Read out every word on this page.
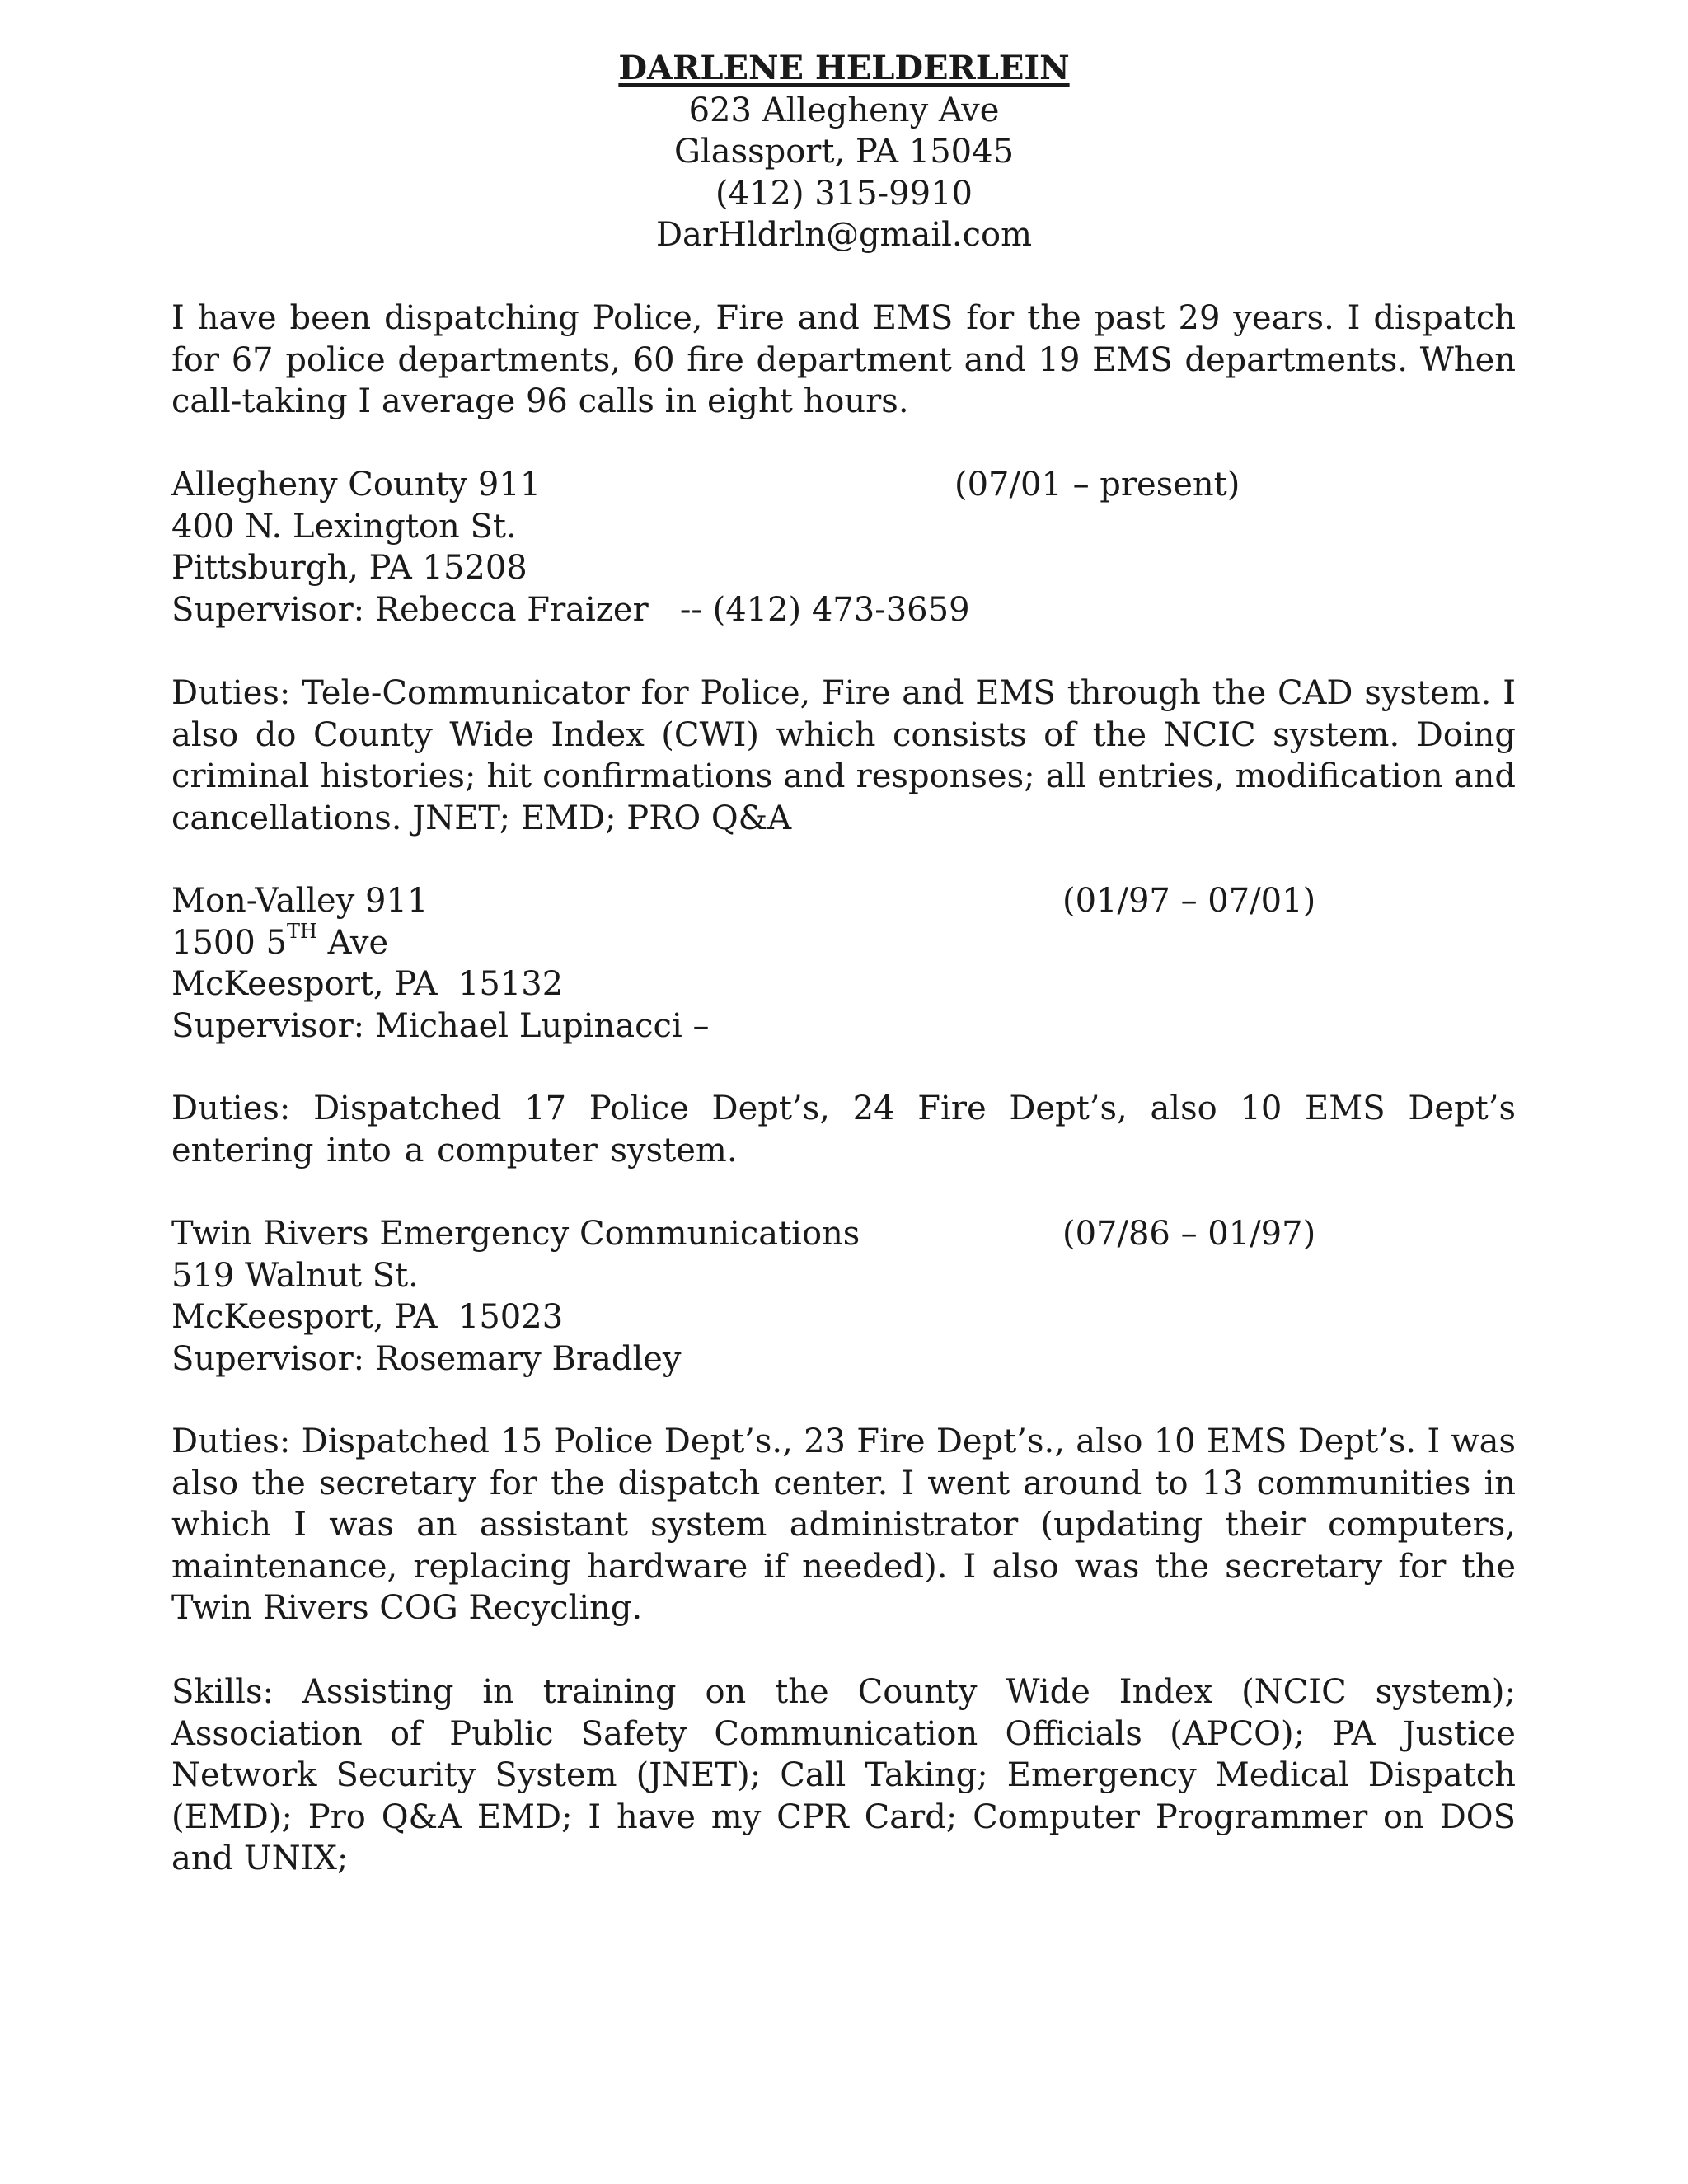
DARLENE HELDERLEIN
623 Allegheny Ave
Glassport, PA 15045
(412) 315-9910
DarHldrln@gmail.com
I have been dispatching Police, Fire and EMS for the past 29 years. I dispatch for 67 police departments, 60 fire department and 19 EMS departments. When call-taking I average 96 calls in eight hours.
Allegheny County 911	(07/01 – present)
400 N. Lexington St.
Pittsburgh, PA 15208
Supervisor: Rebecca Fraizer   -- (412) 473-3659
Duties: Tele-Communicator for Police, Fire and EMS through the CAD system. I also do County Wide Index (CWI) which consists of the NCIC system. Doing criminal histories; hit confirmations and responses; all entries, modification and cancellations. JNET; EMD; PRO Q&A
Mon-Valley 911	(01/97 – 07/01)
1500 5TH Ave
McKeesport, PA  15132
Supervisor: Michael Lupinacci –
Duties: Dispatched 17 Police Dept’s, 24 Fire Dept’s, also 10 EMS Dept’s entering into a computer system.
Twin Rivers Emergency Communications	(07/86 – 01/97)
519 Walnut St.
McKeesport, PA  15023
Supervisor: Rosemary Bradley
Duties: Dispatched 15 Police Dept’s., 23 Fire Dept’s., also 10 EMS Dept’s. I was also the secretary for the dispatch center. I went around to 13 communities in which I was an assistant system administrator (updating their computers, maintenance, replacing hardware if needed). I also was the secretary for the Twin Rivers COG Recycling.
Skills: Assisting in training on the County Wide Index (NCIC system); Association of Public Safety Communication Officials (APCO); PA Justice Network Security System (JNET); Call Taking; Emergency Medical Dispatch (EMD); Pro Q&A EMD; I have my CPR Card; Computer Programmer on DOS and UNIX;
